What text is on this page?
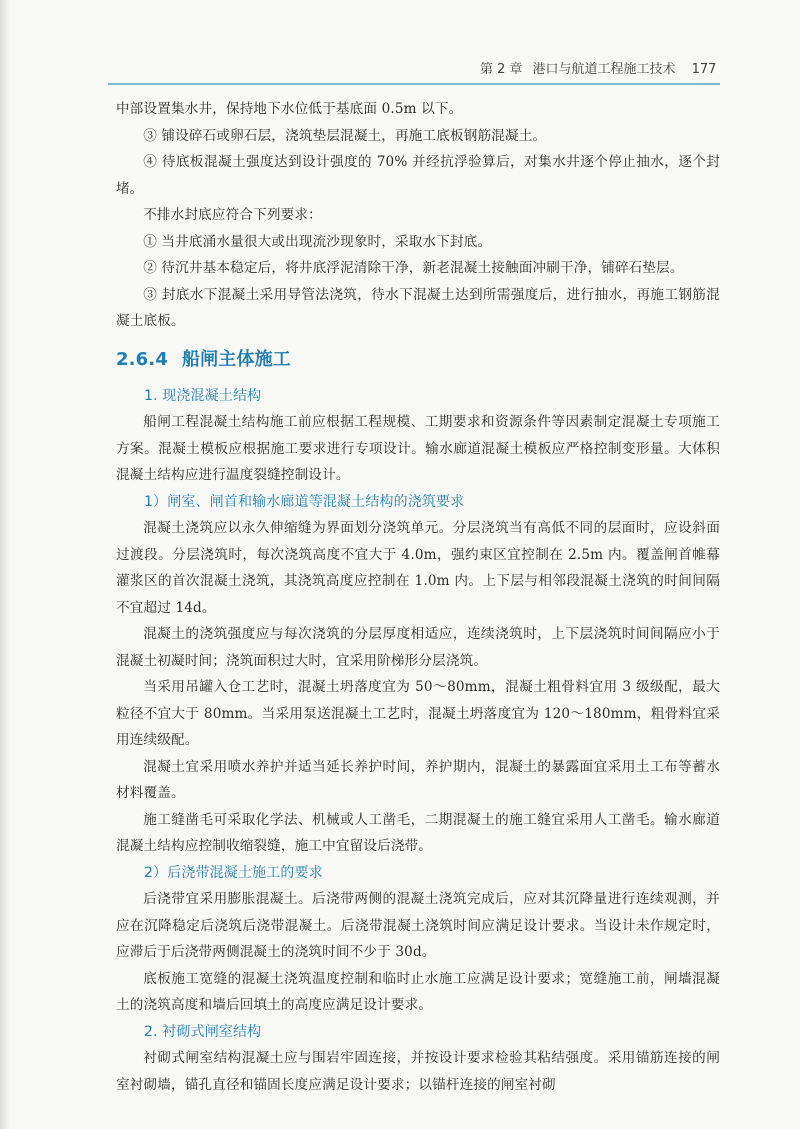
第 2 章 港口与航道工程施工技术 177

中部设置集水井，保持地下水位低于基底面 0.5m 以下。

③ 铺设碎石或卵石层，浇筑垫层混凝土，再施工底板钢筋混凝土。

④ 待底板混凝土强度达到设计强度的 70% 并经抗浮验算后，对集水井逐个停止抽水，逐个封堵。

不排水封底应符合下列要求：

① 当井底涌水量很大或出现流沙现象时，采取水下封底。

② 待沉井基本稳定后，将井底浮泥清除干净，新老混凝土接触面冲刷干净，铺碎石垫层。

③ 封底水下混凝土采用导管法浇筑，待水下混凝土达到所需强度后，进行抽水，再施工钢筋混凝土底板。

2.6.4 船闸主体施工
1. 现浇混凝土结构

船闸工程混凝土结构施工前应根据工程规模、工期要求和资源条件等因素制定混凝土专项施工方案。混凝土模板应根据施工要求进行专项设计。输水廊道混凝土模板应严格控制变形量。大体积混凝土结构应进行温度裂缝控制设计。

1）闸室、闸首和输水廊道等混凝土结构的浇筑要求

混凝土浇筑应以永久伸缩缝为界面划分浇筑单元。分层浇筑当有高低不同的层面时，应设斜面过渡段。分层浇筑时，每次浇筑高度不宜大于 4.0m，强约束区宜控制在 2.5m 内。覆盖闸首帷幕灌浆区的首次混凝土浇筑，其浇筑高度应控制在 1.0m 内。上下层与相邻段混凝土浇筑的时间间隔不宜超过 14d。

混凝土的浇筑强度应与每次浇筑的分层厚度相适应，连续浇筑时，上下层浇筑时间间隔应小于混凝土初凝时间；浇筑面积过大时，宜采用阶梯形分层浇筑。

当采用吊罐入仓工艺时，混凝土坍落度宜为 50～80mm，混凝土粗骨料宜用 3 级级配，最大粒径不宜大于 80mm。当采用泵送混凝土工艺时，混凝土坍落度宜为 120～180mm，粗骨料宜采用连续级配。

混凝土宜采用喷水养护并适当延长养护时间，养护期内，混凝土的暴露面宜采用土工布等蓄水材料覆盖。

施工缝凿毛可采取化学法、机械或人工凿毛，二期混凝土的施工缝宜采用人工凿毛。输水廊道混凝土结构应控制收缩裂缝，施工中宜留设后浇带。

2）后浇带混凝土施工的要求

后浇带宜采用膨胀混凝土。后浇带两侧的混凝土浇筑完成后，应对其沉降量进行连续观测，并应在沉降稳定后浇筑后浇带混凝土。后浇带混凝土浇筑时间应满足设计要求。当设计未作规定时，应滞后于后浇带两侧混凝土的浇筑时间不少于 30d。

底板施工宽缝的混凝土浇筑温度控制和临时止水施工应满足设计要求；宽缝施工前，闸墙混凝土的浇筑高度和墙后回填土的高度应满足设计要求。

2. 衬砌式闸室结构

衬砌式闸室结构混凝土应与围岩牢固连接，并按设计要求检验其粘结强度。采用锚筋连接的闸室衬砌墙，锚孔直径和锚固长度应满足设计要求；以锚杆连接的闸室衬砌
